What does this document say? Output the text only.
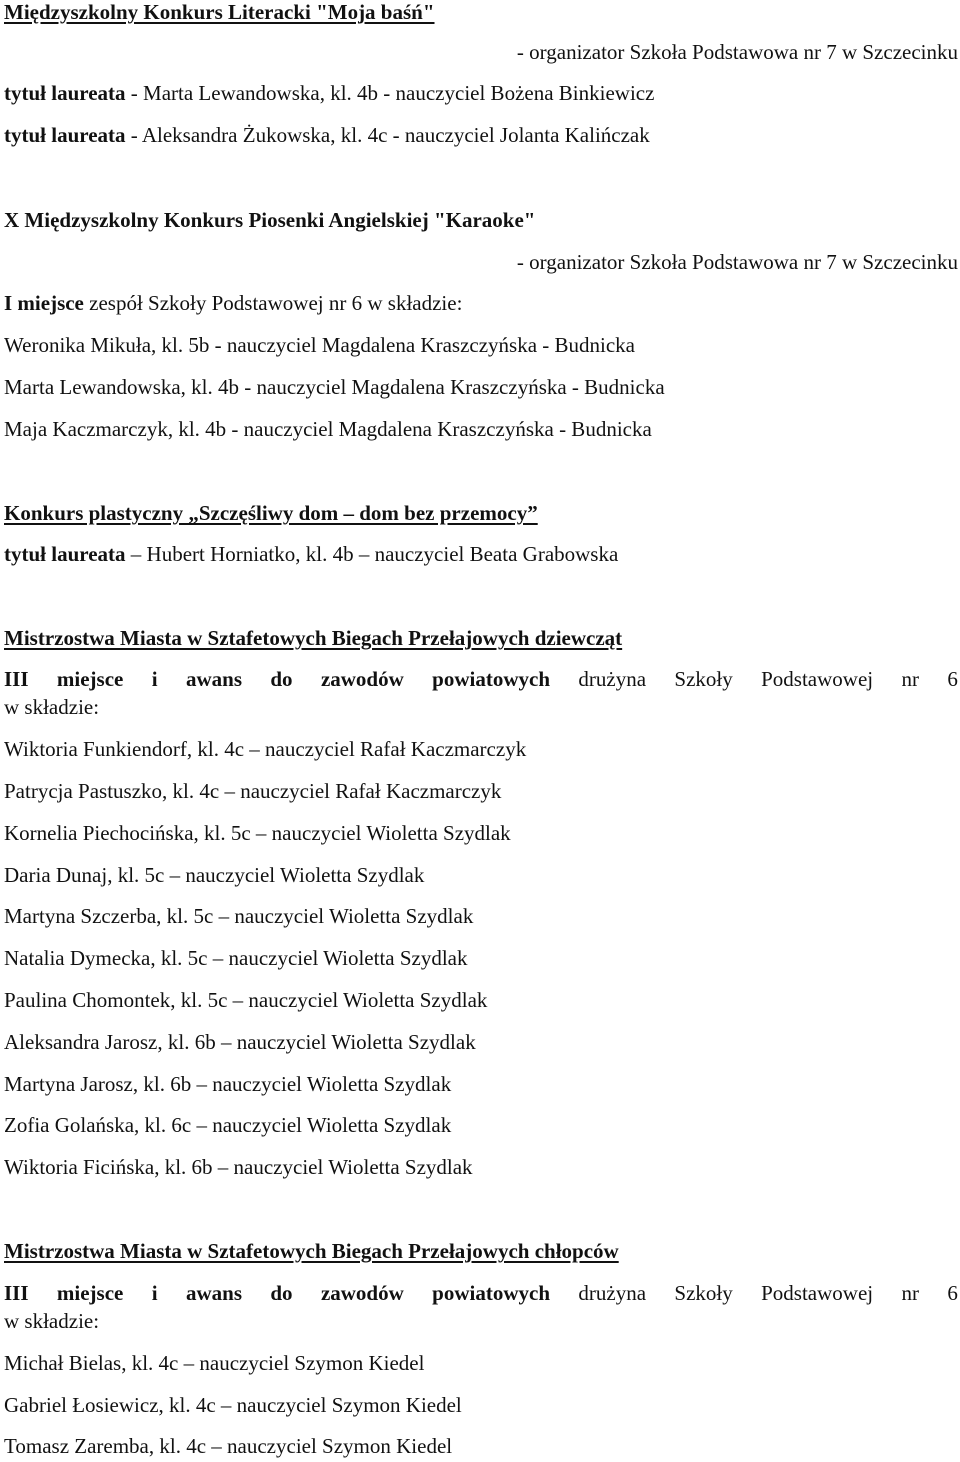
Międzyszkolny Konkurs Literacki "Moja baśń"
- organizator Szkoła Podstawowa nr 7 w Szczecinku
tytuł laureata - Marta Lewandowska, kl. 4b - nauczyciel Bożena Binkiewicz
tytuł laureata - Aleksandra Żukowska, kl. 4c - nauczyciel Jolanta Kalińczak
X Międzyszkolny Konkurs Piosenki Angielskiej "Karaoke"
- organizator Szkoła Podstawowa nr 7 w Szczecinku
I miejsce zespół Szkoły Podstawowej nr 6 w składzie:
Weronika Mikuła, kl. 5b - nauczyciel Magdalena Kraszczyńska - Budnicka
Marta Lewandowska, kl. 4b - nauczyciel Magdalena Kraszczyńska - Budnicka
Maja Kaczmarczyk, kl. 4b - nauczyciel Magdalena Kraszczyńska - Budnicka
Konkurs plastyczny „Szczęśliwy dom – dom bez przemocy”
tytuł laureata – Hubert Horniatko, kl. 4b – nauczyciel Beata Grabowska
Mistrzostwa Miasta w Sztafetowych Biegach Przełajowych dziewcząt
III miejsce i awans do zawodów powiatowych drużyna Szkoły Podstawowej nr 6
w składzie:
Wiktoria Funkiendorf, kl. 4c – nauczyciel Rafał Kaczmarczyk
Patrycja Pastuszko, kl. 4c – nauczyciel Rafał Kaczmarczyk
Kornelia Piechocińska, kl. 5c – nauczyciel Wioletta Szydlak
Daria Dunaj, kl. 5c – nauczyciel Wioletta Szydlak
Martyna Szczerba, kl. 5c – nauczyciel Wioletta Szydlak
Natalia Dymecka, kl. 5c – nauczyciel Wioletta Szydlak
Paulina Chomontek, kl. 5c – nauczyciel Wioletta Szydlak
Aleksandra Jarosz, kl. 6b – nauczyciel Wioletta Szydlak
Martyna Jarosz, kl. 6b – nauczyciel Wioletta Szydlak
Zofia Golańska, kl. 6c – nauczyciel Wioletta Szydlak
Wiktoria Ficińska, kl. 6b – nauczyciel Wioletta Szydlak
Mistrzostwa Miasta w Sztafetowych Biegach Przełajowych chłopców
III miejsce i awans do zawodów powiatowych drużyna Szkoły Podstawowej nr 6
w składzie:
Michał Bielas, kl. 4c – nauczyciel Szymon Kiedel
Gabriel Łosiewicz, kl. 4c – nauczyciel Szymon Kiedel
Tomasz Zaremba, kl. 4c – nauczyciel Szymon Kiedel
